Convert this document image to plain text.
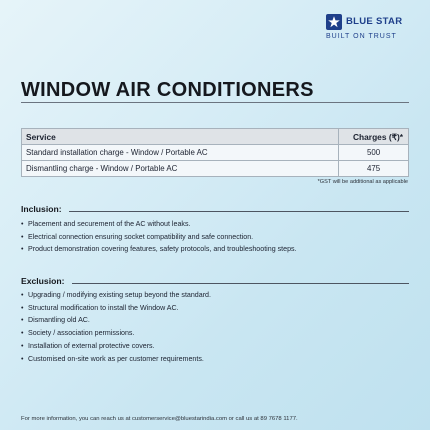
BLUE STAR
BUILT ON TRUST
WINDOW AIR CONDITIONERS
Service	Charges (₹)*
Standard installation charge - Window / Portable AC	500
Dismantling charge - Window / Portable AC	475
*GST will be additional as applicable
Inclusion:
• Placement and securement of the AC without leaks.
• Electrical connection ensuring socket compatibility and safe connection.
• Product demonstration covering features, safety protocols, and troubleshooting steps.
Exclusion:
• Upgrading / modifying existing setup beyond the standard.
• Structural modification to install the Window AC.
• Dismantling old AC.
• Society / association permissions.
• Installation of external protective covers.
• Customised on-site work as per customer requirements.
For more information, you can reach us at customerservice@bluestarindia.com or call us at 89 7678 1177.
